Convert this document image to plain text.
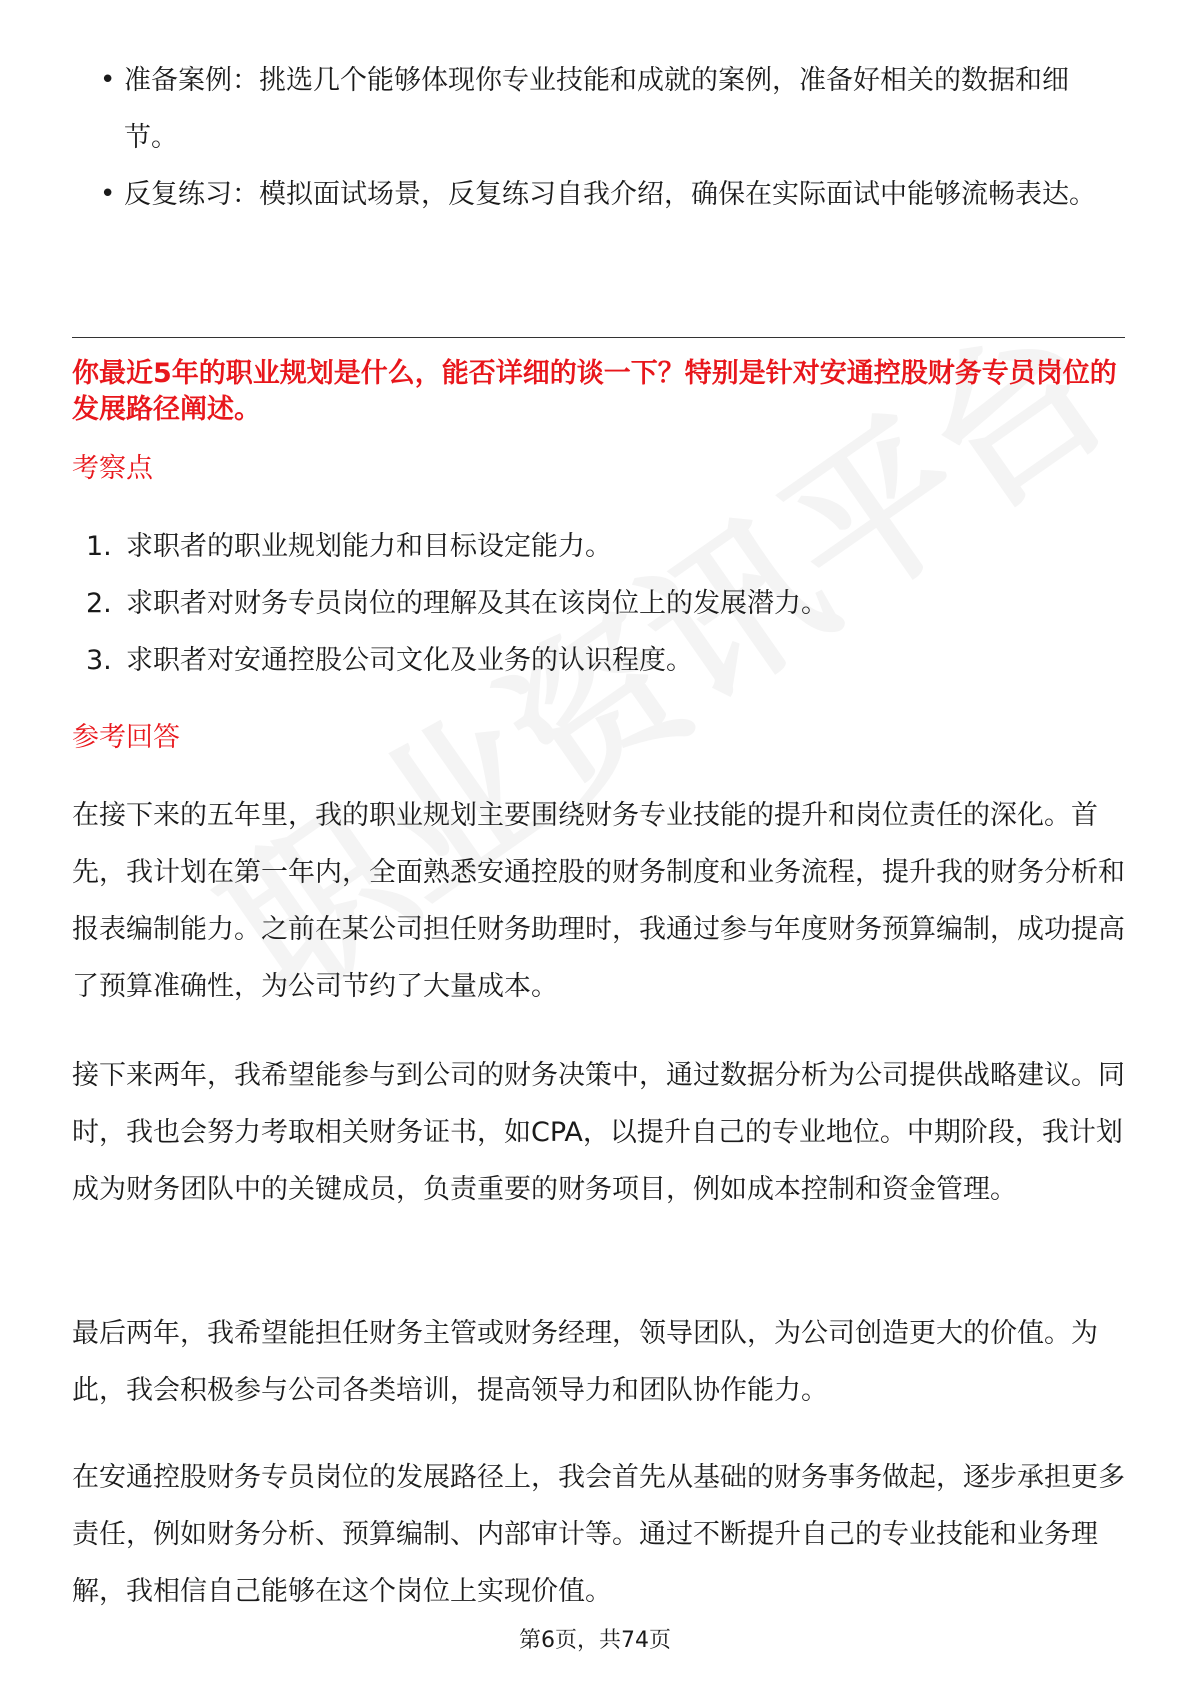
• 准备案例：挑选几个能够体现你专业技能和成就的案例，准备好相关的数据和细节。
• 反复练习：模拟面试场景，反复练习自我介绍，确保在实际面试中能够流畅表达。
你最近5年的职业规划是什么，能否详细的谈一下？特别是针对安通控股财务专员岗位的发展路径阐述。
考察点
1. 求职者的职业规划能力和目标设定能力。
2. 求职者对财务专员岗位的理解及其在该岗位上的发展潜力。
3. 求职者对安通控股公司文化及业务的认识程度。
参考回答

在接下来的五年里，我的职业规划主要围绕财务专业技能的提升和岗位责任的深化。首先，我计划在第一年内，全面熟悉安通控股的财务制度和业务流程，提升我的财务分析和报表编制能力。之前在某公司担任财务助理时，我通过参与年度财务预算编制，成功提高了预算准确性，为公司节约了大量成本。

接下来两年，我希望能参与到公司的财务决策中，通过数据分析为公司提供战略建议。同时，我也会努力考取相关财务证书，如CPA，以提升自己的专业地位。中期阶段，我计划成为财务团队中的关键成员，负责重要的财务项目，例如成本控制和资金管理。

最后两年，我希望能担任财务主管或财务经理，领导团队，为公司创造更大的价值。为此，我会积极参与公司各类培训，提高领导力和团队协作能力。

在安通控股财务专员岗位的发展路径上，我会首先从基础的财务事务做起，逐步承担更多责任，例如财务分析、预算编制、内部审计等。通过不断提升自己的专业技能和业务理解，我相信自己能够在这个岗位上实现价值。

第6页，共74页
